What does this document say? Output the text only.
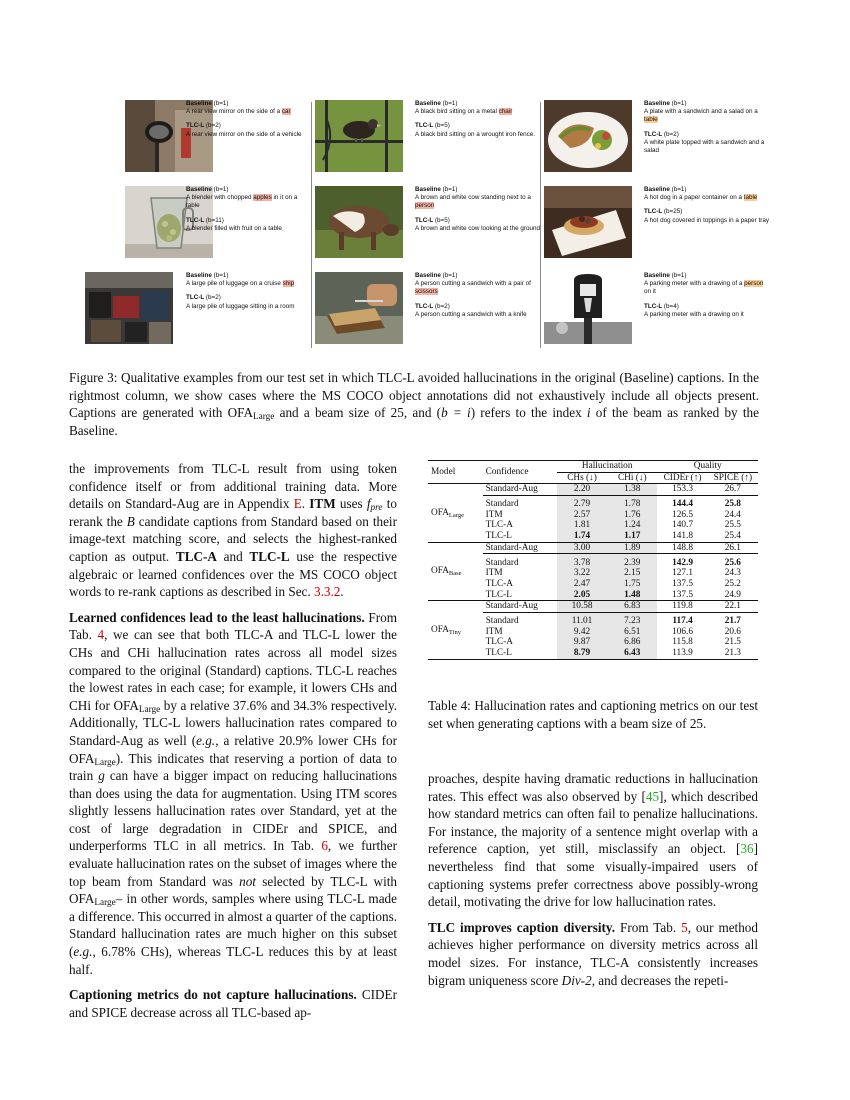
Baseline (b=1)
A rear view mirror on the side of a car
TLC-L (b=2)
A rear view mirror on the side of a vehicle
Baseline (b=1)
A blender with chopped apples in it on a table
TLC-L (b=11)
A blender filled with fruit on a table
Baseline (b=1)
A large pile of luggage on a cruise ship
TLC-L (b=2)
A large pile of luggage sitting in a room
Baseline (b=1)
A black bird sitting on a metal chair
TLC-L (b=5)
A black bird sitting on a wrought iron fence.
Baseline (b=1)
A brown and white cow standing next to a person
TLC-L (b=5)
A brown and white cow looking at the ground
Baseline (b=1)
A person cutting a sandwich with a pair of scissors
TLC-L (b=2)
A person cutting a sandwich with a knife
Baseline (b=1)
A plate with a sandwich and a salad on a table
TLC-L (b=2)
A white plate topped with a sandwich and a salad
Baseline (b=1)
A hot dog in a paper container on a table
TLC-L (b=25)
A hot dog covered in toppings in a paper tray
Baseline (b=1)
A parking meter with a drawing of a person on it
TLC-L (b=4)
A parking meter with a drawing on it
Figure 3: Qualitative examples from our test set in which TLC-L avoided hallucinations in the original (Baseline) captions. In the rightmost column, we show cases where the MS COCO object annotations did not exhaustively include all objects present. Captions are generated with $OFA_{Large}$ and a beam size of 25, and (b = i) refers to the index i of the beam as ranked by the Baseline.

the improvements from TLC-L result from using token confidence itself or from additional training data. More details on Standard-Aug are in Appendix E. ITM uses $f_{pre}$ to rerank the B candidate captions from Standard based on their image-text matching score, and selects the highest-ranked caption as output. TLC-A and TLC-L use the respective algebraic or learned confidences over the MS COCO object words to re-rank captions as described in Sec. 3.3.2.

Learned confidences lead to the least hallucinations. From Tab. 4, we can see that both TLC-A and TLC-L lower the CHs and CHi hallucination rates across all model sizes compared to the original (Standard) captions. TLC-L reaches the lowest rates in each case; for example, it lowers CHs and CHi for $OFA_{Large}$ by a relative 37.6% and 34.3% respectively. Additionally, TLC-L lowers hallucination rates compared to Standard-Aug as well (e.g., a relative 20.9% lower CHs for $OFA_{Large}$). This indicates that reserving a portion of data to train g can have a bigger impact on reducing hallucinations than does using the data for augmentation. Using ITM scores slightly lessens hallucination rates over Standard, yet at the cost of large degradation in CIDEr and SPICE, and underperforms TLC in all metrics. In Tab. 6, we further evaluate hallucination rates on the subset of images where the top beam from Standard was not selected by TLC-L with $OFA_{Large}-$ in other words, samples where using TLC-L made a difference. This occurred in almost a quarter of the captions. Standard hallucination rates are much higher on this subset (e.g., 6.78% CHs), whereas TLC-L reduces this by at least half.

Captioning metrics do not capture hallucinations. CIDEr and SPICE decrease across all TLC-based ap-

Model	Confidence	Hallucination		Quality	
		CHs (↓)	CHi (↓)	CIDEr (↑)	SPICE (↑)
$OFA_{Large}$	Standard-Aug	2.20	1.38	153.3	26.7

	Standard	2.79	1.78	144.4	25.8
	ITM	2.57	1.76	126.5	24.4
	TLC-A	1.81	1.24	140.7	25.5
	TLC-L	1.74	1.17	141.8	25.4
$OFA_{Base}$	Standard-Aug	3.00	1.89	148.8	26.1

	Standard	3.78	2.39	142.9	25.6
	ITM	3.22	2.15	127.1	24.3
	TLC-A	2.47	1.75	137.5	25.2
	TLC-L	2.05	1.48	137.5	24.9
$OFA_{Tiny}$	Standard-Aug	10.58	6.83	119.8	22.1

	Standard	11.01	7.23	117.4	21.7
	ITM	9.42	6.51	106.6	20.6
	TLC-A	9.87	6.86	115.8	21.5
	TLC-L	8.79	6.43	113.9	21.3
Table 4: Hallucination rates and captioning metrics on our test set when generating captions with a beam size of 25.

proaches, despite having dramatic reductions in hallucination rates. This effect was also observed by [45], which described how standard metrics can often fail to penalize hallucinations. For instance, the majority of a sentence might overlap with a reference caption, yet still, misclassify an object. [36] nevertheless find that some visually-impaired users of captioning systems prefer correctness above possibly-wrong detail, motivating the drive for low hallucination rates.

TLC improves caption diversity. From Tab. 5, our method achieves higher performance on diversity metrics across all model sizes. For instance, TLC-A consistently increases bigram uniqueness score Div-2, and decreases the repeti-
